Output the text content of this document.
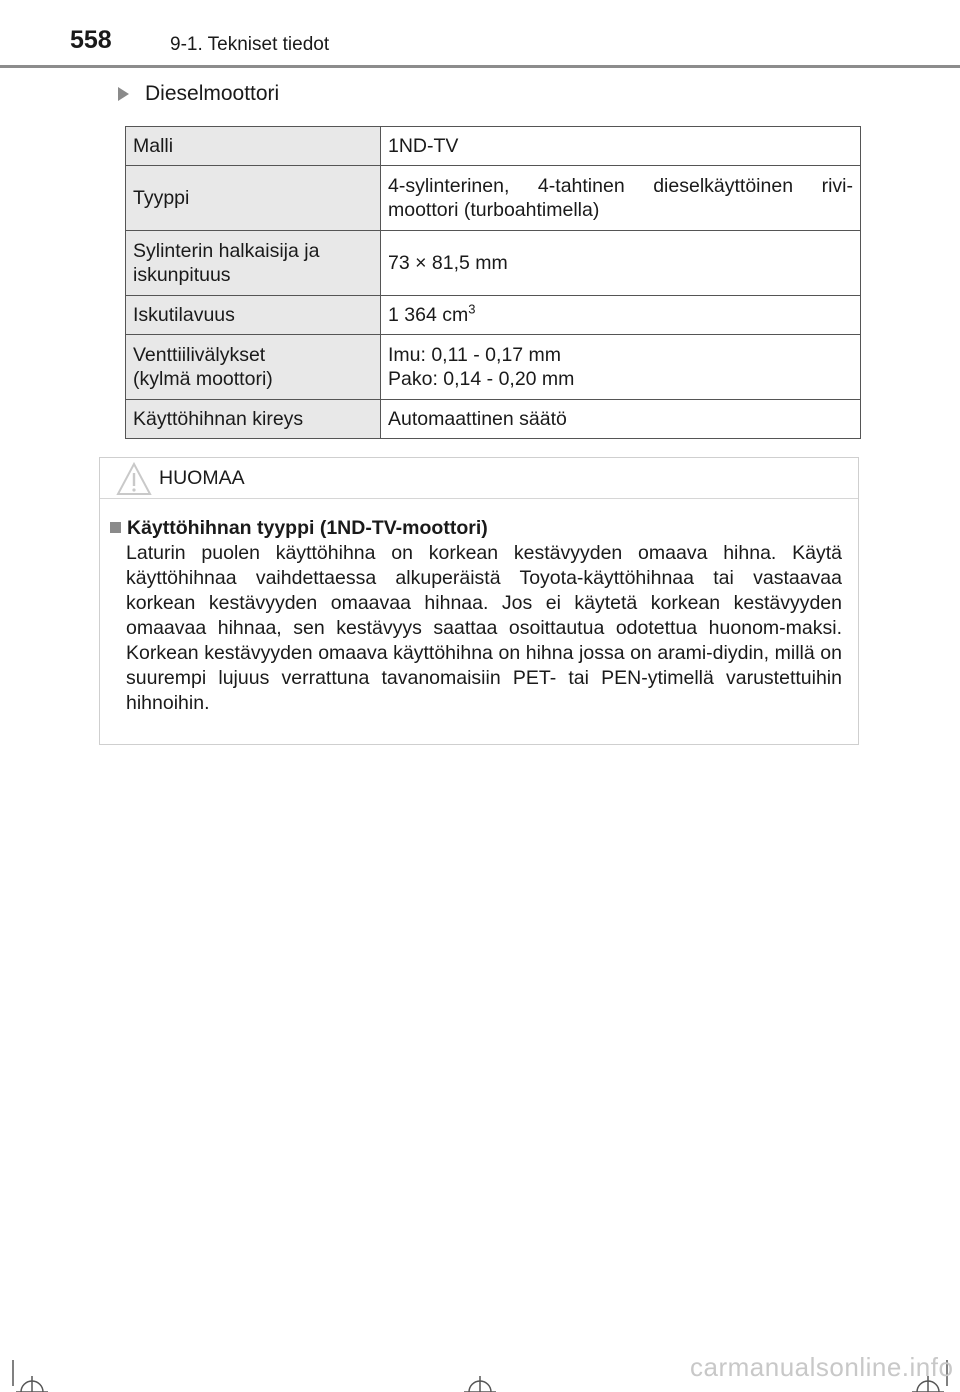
558	9-1. Tekniset tiedot
Dieselmoottori
Malli	1ND-TV
Tyyppi	4-sylinterinen, 4-tahtinen dieselkäyttöinen rivi-moottori (turboahtimella)
Sylinterin halkaisija ja
iskunpituus	73 × 81,5 mm
Iskutilavuus	1 364 $cm^3$
Venttiilivälykset
(kylmä moottori)	Imu: 0,11 - 0,17 mm
Pako: 0,14 - 0,20 mm
Käyttöhihnan kireys	Automaattinen säätö
HUOMAA
Käyttöhihnan tyyppi (1ND-TV-moottori)

Laturin puolen käyttöhihna on korkean kestävyyden omaava hihna. Käytä käyttöhihnaa vaihdettaessa alkuperäistä Toyota-käyttöhihnaa tai vastaavaa korkean kestävyyden omaavaa hihnaa. Jos ei käytetä korkean kestävyyden omaavaa hihnaa, sen kestävyys saattaa osoittautua odotettua huonom-maksi. Korkean kestävyyden omaava käyttöhihna on hihna jossa on arami-diydin, millä on suurempi lujuus verrattuna tavanomaisiin PET- tai PEN-ytimellä varustettuihin hihnoihin.

carmanualsonline.info
